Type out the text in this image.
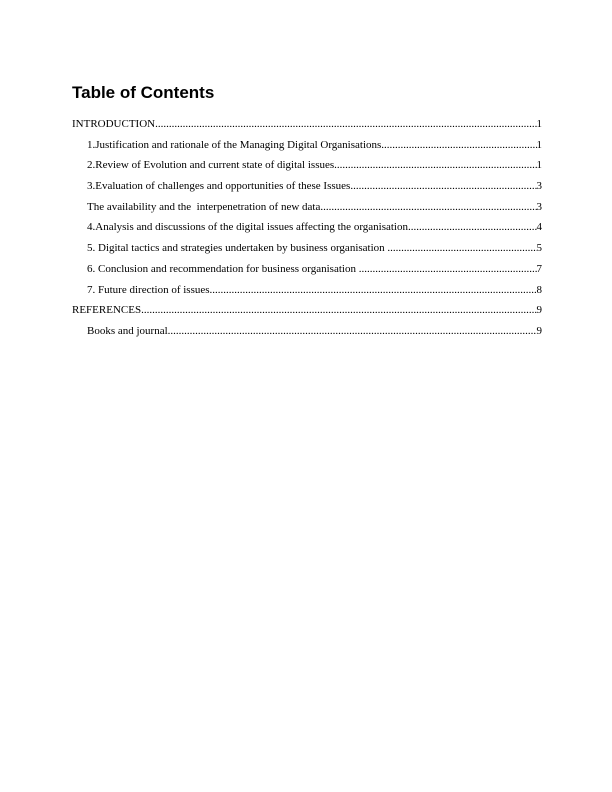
Table of Contents
INTRODUCTION .....	1
1.Justification and rationale of the Managing Digital Organisations .....	1
2.Review of Evolution and current state of digital issues .....	1
3.Evaluation of challenges and opportunities of these Issues .....	3
The availability and the  interpenetration of new data .....	3
4.Analysis and discussions of the digital issues affecting the organisation .....	4
5. Digital tactics and strategies undertaken by business organisation .....	5
6. Conclusion and recommendation for business organisation .....	7
7. Future direction of issues .....	8
REFERENCES .....	9
Books and journal .....	9
